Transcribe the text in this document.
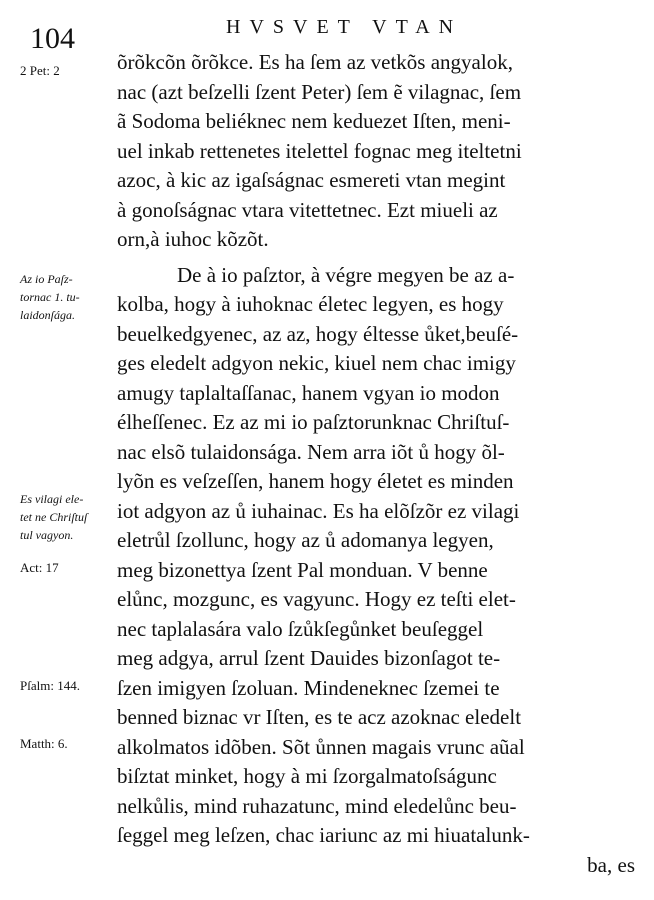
104	HVSVET VTAN
2 Pet: 2
Az io Paſz-
tornac 1. tu-
laidonſága.
Es vilagi ele-
tet ne Chriſtuſ
tul vagyon.
Act: 17
Pſalm: 144.
Matth: 6.
õrõkcõn õrõkce. Es ha ſem az vetkõs angyalok,
nac (azt beſzelli ſzent Peter) ſem ẽ vilagnac, ſem
ã Sodoma beliéknec nem keduezet Iſten, meni-
uel inkab rettenetes itelettel fognac meg iteltetni
azoc, à kic az igaſságnac esmereti vtan megint
à gonoſságnac vtara vitettetnec. Ezt miueli az
orn,à iuhoc kõzõt.
De à io paſztor, à végre megyen be az a-
kolba, hogy à iuhoknac életec legyen, es hogy
beuelkedgyenec, az az, hogy éltesse ůket,beuſé-
ges eledelt adgyon nekic, kiuel nem chac imigy
amugy taplaltaſſanac, hanem vgyan io modon
élheſſenec. Ez az mi io paſztorunknac Chriſtuſ-
nac elsõ tulaidonsága. Nem arra iõt ů hogy õl-
lyõn es veſzeſſen, hanem hogy életet es minden
iot adgyon az ů iuhainac. Es ha elõſzõr ez vilagi
eletrůl ſzollunc, hogy az ů adomanya legyen,
meg bizonettya ſzent Pal monduan. V benne
elůnc, mozgunc, es vagyunc. Hogy ez teſti elet-
nec taplalasára valo ſzůkſegůnket beuſeggel
meg adgya, arrul ſzent Dauides bizonſagot te-
ſzen imigyen ſzoluan. Mindeneknec ſzemei te
benned biznac vr Iſten, es te acz azoknac eledelt
alkolmatos idõben. Sõt ůnnen magais vrunc aũal
biſztat minket, hogy à mi ſzorgalmatoſságunc
nelkůlis, mind ruhazatunc, mind eledelůnc beu-
ſeggel meg leſzen, chac iariunc az mi hiuatalunk-
ba, es
